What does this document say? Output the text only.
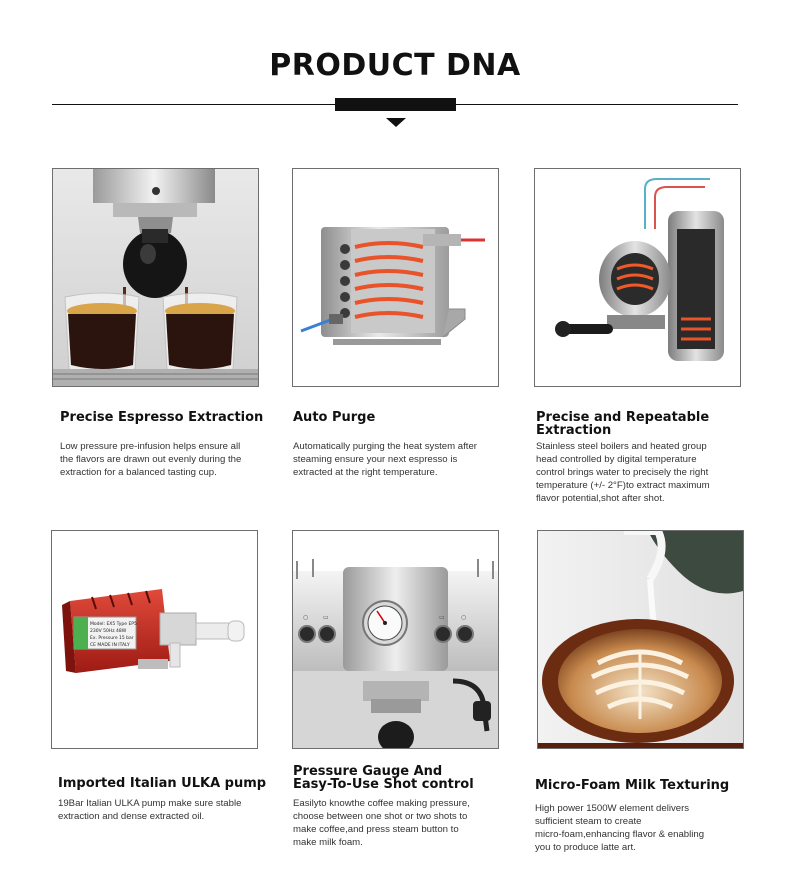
PRODUCT DNA

Precise Espresso Extraction

Low pressure pre-infusion helps ensure all
the flavors are drawn out evenly during the
extraction for a balanced tasting cup.

Auto Purge

Automatically purging the heat system after
steaming ensure your next espresso is
extracted at the right temperature.
Precise and Repeatable
Extraction
Stainless steel boilers and heated group
head controlled by digital temperature
control brings water to precisely the right
temperature (+/- 2°F)to extract maximum
flavor potential,shot after shot.
Model: EX5 Type EP5
230V 50Hz 48W
Ex. Pressure 15 bar
CE MADE IN ITALY

Imported Italian ULKA pump

19Bar Italian ULKA pump make sure stable
extraction and dense extracted oil.
○ ▭	▭	○
Pressure Gauge And
Easy-To-Use Shot control
Easilyto knowthe coffee making pressure,
choose between one shot or two shots to
make coffee,and press steam button to
make milk foam.

Micro-Foam Milk Texturing

High power 1500W element delivers
sufficient steam to create
micro-foam,enhancing flavor & enabling
you to produce latte art.
